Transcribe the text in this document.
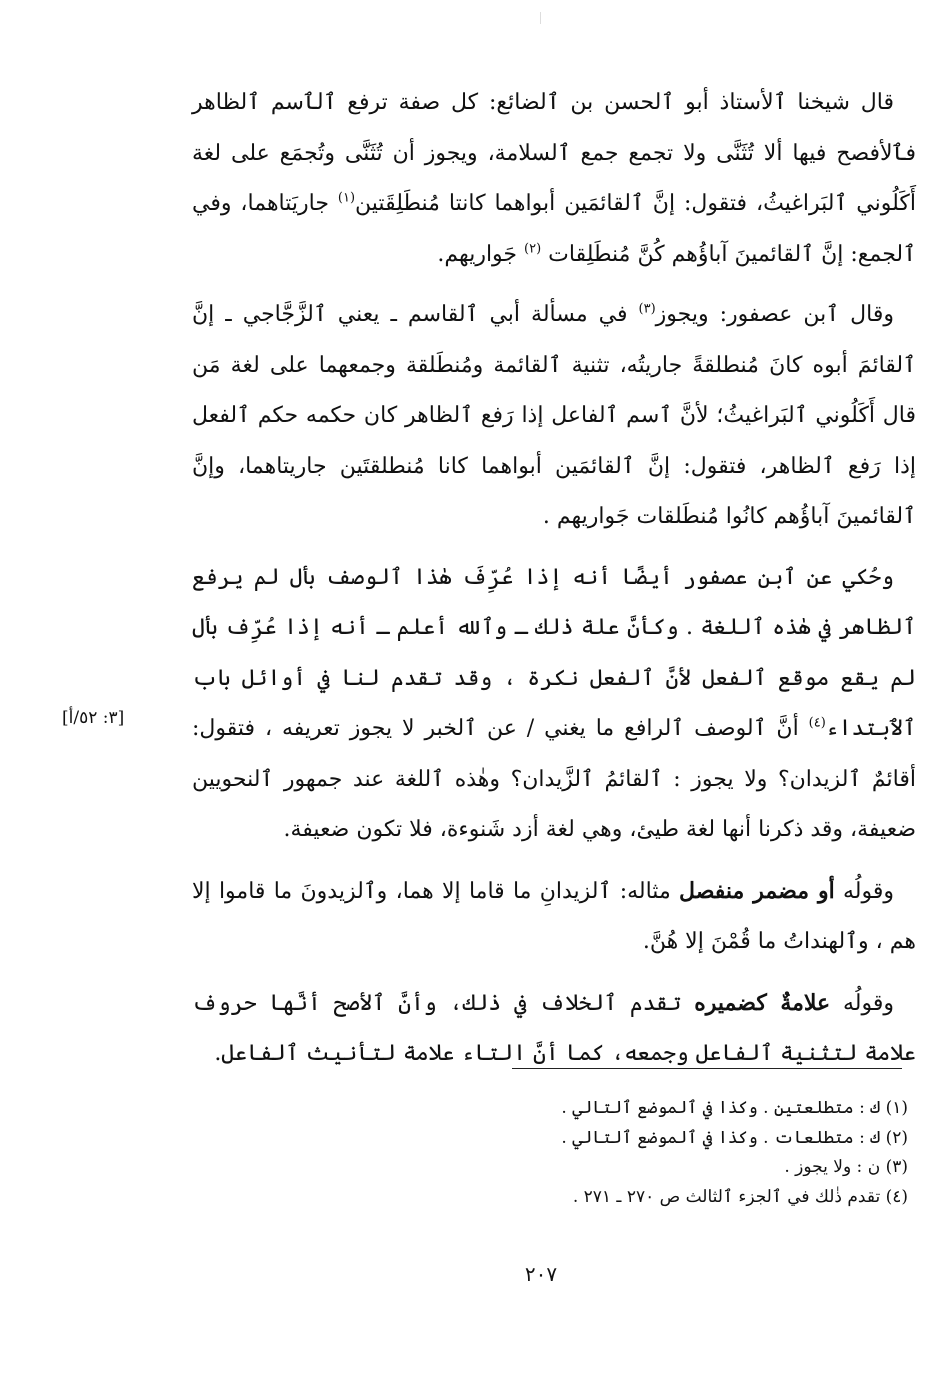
قال شيخنا ٱلأستاذ أبو ٱلحسن بن ٱلضائع: كل صفة ترفع ٱلٱسم ٱلظاهر فٱلأفصح فيها ألا تُثَنَّى ولا تجمع جمع ٱلسلامة، ويجوز أن تُثَنَّى وتُجمَع على لغة أَكَلُوني ٱلبَراغيثُ، فتقول: إنَّ ٱلقائمَين أبواهما كانتا مُنطَلِقَتين$^{(١)}$ جاريَتاهما، وفي ٱلجمع: إنَّ ٱلقائمينَ آباؤُهم كُنَّ مُنطَلِقات $^{(٢)}$ جَواريهم.

وقال ٱبن عصفور: ويجوز$^{(٣)}$ في مسألة أبي ٱلقاسم ـ يعني ٱلزَّجَّاجي ـ إنَّ ٱلقائمَ أبوه كانَ مُنطلقةً جاريتُه، تثنية ٱلقائمة ومُنطَلقة وجمعهما على لغة مَن قال أَكَلُوني ٱلبَراغيثُ؛ لأنَّ ٱسم ٱلفاعل إذا رَفع ٱلظاهر كان حكمه حكم ٱلفعل إذا رَفع ٱلظاهر، فتقول: إنَّ ٱلقائمَين أبواهما كانا مُنطلقتَين جاريتاهما، وإنَّ ٱلقائمينَ آباؤُهم كانُوا مُنطَلقات جَواريهم .

وحُكي عن ٱبن عصفور أيضًا أنه إذا عُرِّفَ هٰذا ٱلوصف بأل لم يرفع ٱلظاهر في هٰذه ٱللغة . وكأنَّ علة ذٰلك ـ وٱلله أعلم ـ أنه إذا عُرِّف بأل لم يقع موقع ٱلفعل لأنَّ ٱلفعل نكرة ، وقد تقدم لنا في أوائل باب ٱلٱبتداء$^{(٤)}$ أنَّ ٱلوصف ٱلرافع ما يغني / عن ٱلخبر لا يجوز تعريفه ، فتقول: أقائمٌ ٱلزيدان؟ ولا يجوز : ٱلقائمُ ٱلزَّيدان؟ وهٰذه ٱللغة عند جمهور ٱلنحويين ضعيفة، وقد ذكرنا أنها لغة طيئ، وهي لغة أزد شَنوءة، فلا تكون ضعيفة.

وقولُه أو مضمر منفصل مثاله: ٱلزيدانِ ما قاما إلا هما، وٱلزيدونَ ما قاموا إلا هم ، وٱلهنداتُ ما قُمْنَ إلا هُنَّ.

وقولُه علامةٌ كضميره تقدم ٱلخلاف في ذٰلك، وأنَّ ٱلأصح أنَّها حروف علامة لتثنية ٱلفاعل وجمعه، كما أنَّ التاء علامة لتأنيث ٱلفاعل.

[٣: ٥٢/أ]

(١) ك : متطلعتين . وكذا في ٱلموضع ٱلتالي .

(٢) ك : متطلعات . وكذا في ٱلموضع ٱلتالي .

(٣) ن : ولا يجوز .

(٤) تقدم ذٰلك في ٱلجزء ٱلثالث ص ٢٧٠ ـ ٢٧١ .

٢٠٧
